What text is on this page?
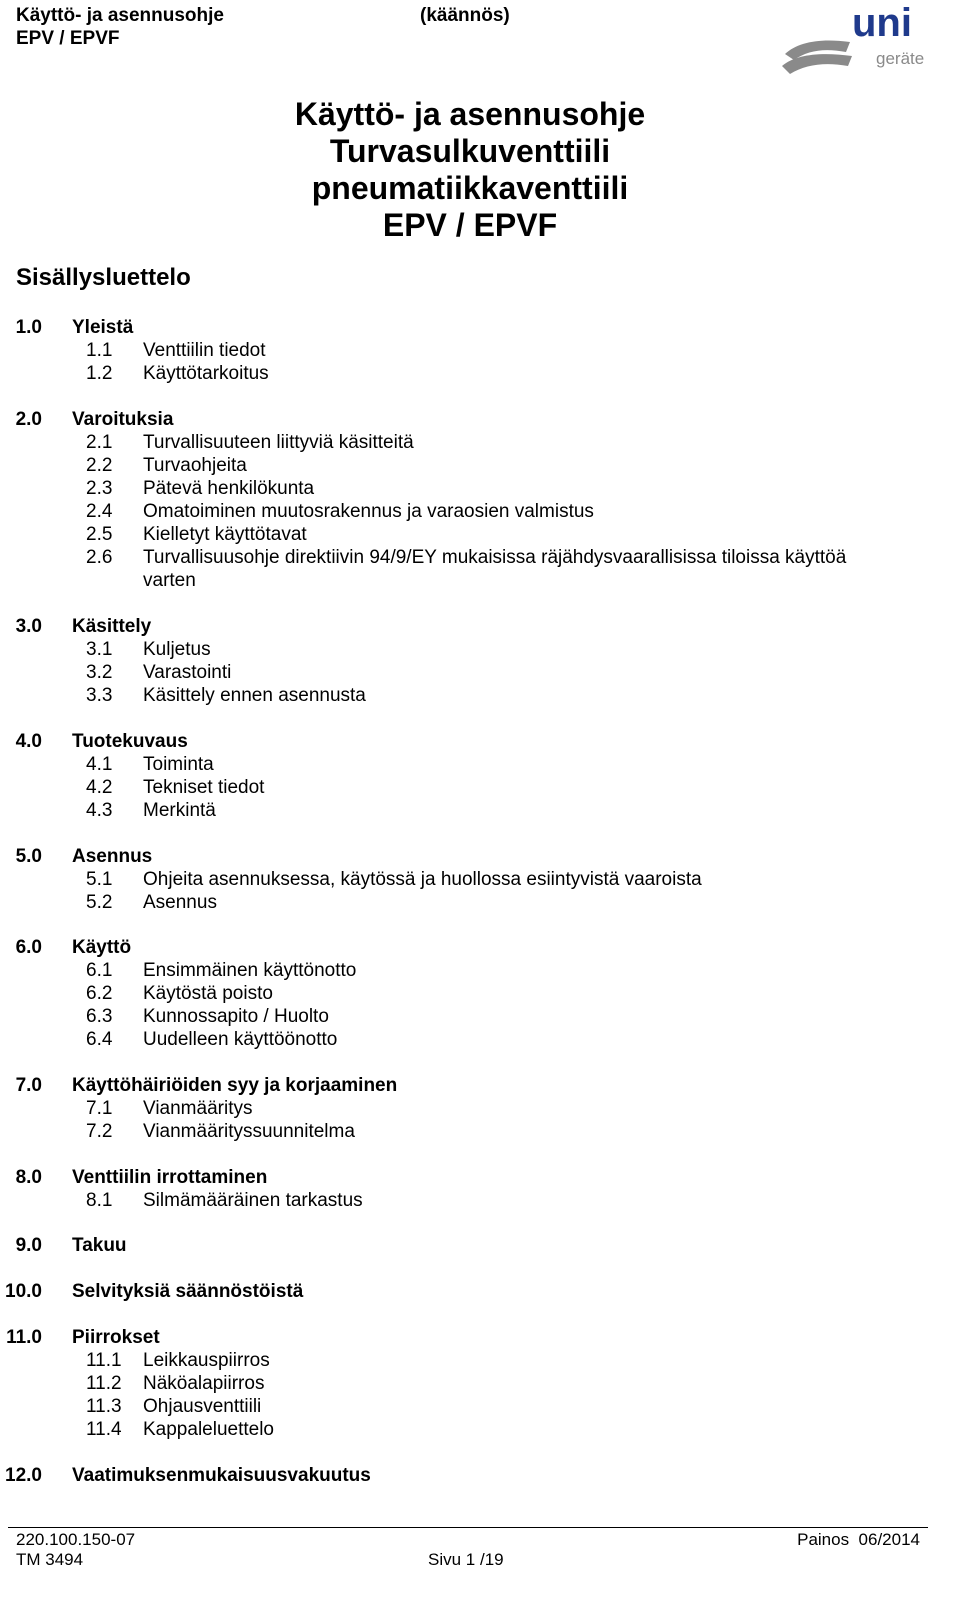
Käyttö- ja asennusohje
EPV / EPVF
(käännös)	uni
geräte
Käyttö- ja asennusohje
Turvasulkuventtiili
pneumatiikkaventtiili
EPV / EPVF
Sisällysluettelo
1.0 Yleistä
1.1 Venttiilin tiedot
1.2 Käyttötarkoitus
2.0 Varoituksia
2.1 Turvallisuuteen liittyviä käsitteitä
2.2 Turvaohjeita
2.3 Pätevä henkilökunta
2.4 Omatoiminen muutosrakennus ja varaosien valmistus
2.5 Kielletyt käyttötavat
2.6 Turvallisuusohje direktiivin 94/9/EY mukaisissa räjähdysvaarallisissa tiloissa käyttöä varten
3.0 Käsittely
3.1 Kuljetus
3.2 Varastointi
3.3 Käsittely ennen asennusta
4.0 Tuotekuvaus
4.1 Toiminta
4.2 Tekniset tiedot
4.3 Merkintä
5.0 Asennus
5.1 Ohjeita asennuksessa, käytössä ja huollossa esiintyvistä vaaroista
5.2 Asennus
6.0 Käyttö
6.1 Ensimmäinen käyttönotto
6.2 Käytöstä poisto
6.3 Kunnossapito / Huolto
6.4 Uudelleen käyttöönotto
7.0 Käyttöhäiriöiden syy ja korjaaminen
7.1 Vianmääritys
7.2 Vianmäärityssuunnitelma
8.0 Venttiilin irrottaminen
8.1 Silmämääräinen tarkastus
9.0 Takuu
10.0 Selvityksiä säännöstöistä
11.0 Piirrokset
11.1 Leikkauspiirros
11.2 Näköalapiirros
11.3 Ohjausventtiili
11.4 Kappaleluettelo
12.0 Vaatimuksenmukaisuusvakuutus
220.100.150-07
TM 3494	Sivu 1 /19
Painos  06/2014
